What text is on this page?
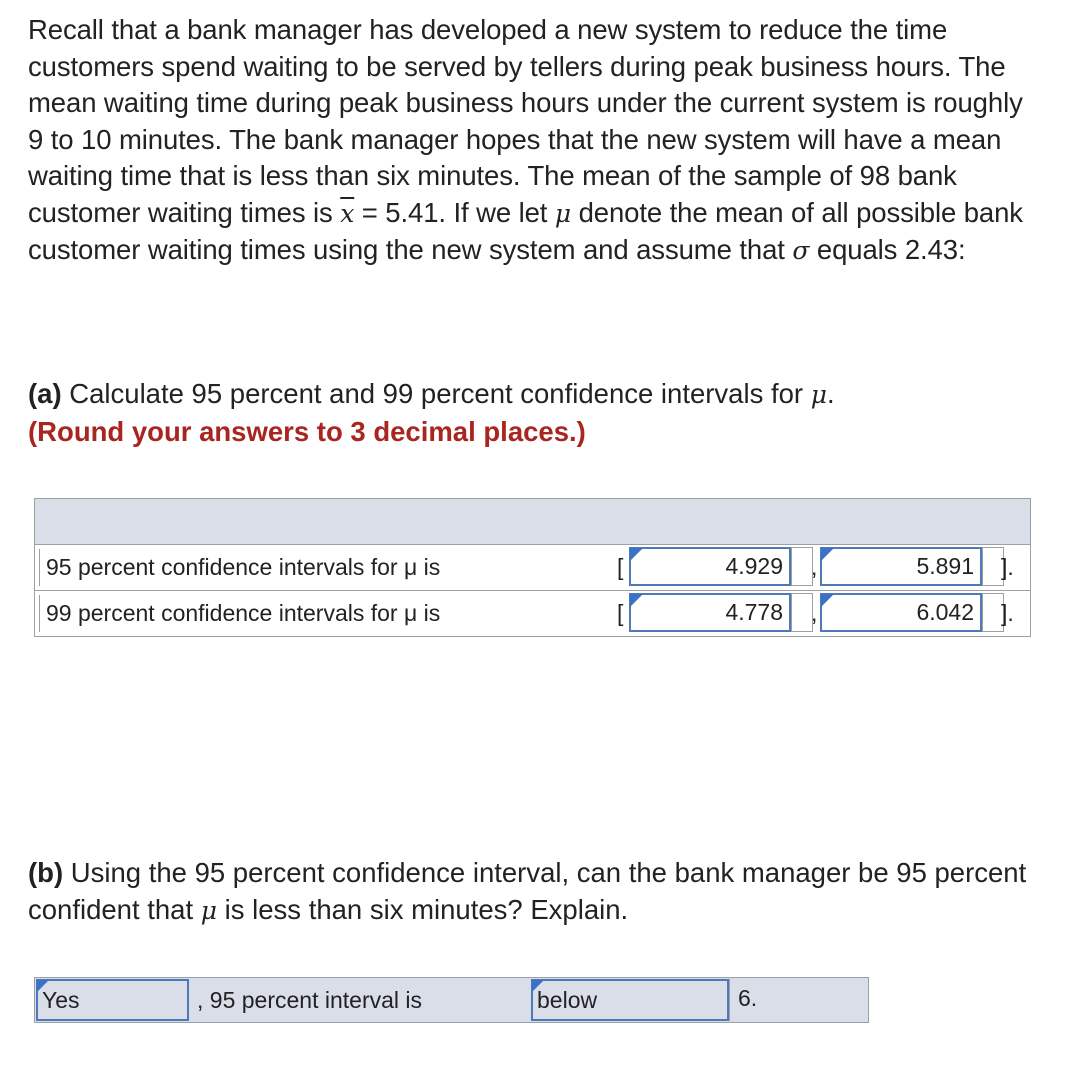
Recall that a bank manager has developed a new system to reduce the time customers spend waiting to be served by tellers during peak business hours. The mean waiting time during peak business hours under the current system is roughly 9 to 10 minutes. The bank manager hopes that the new system will have a mean waiting time that is less than six minutes. The mean of the sample of 98 bank customer waiting times is $\overline{x} = 5.41$. If we let μ denote the mean of all possible bank customer waiting times using the new system and assume that σ equals 2.43:

(a) Calculate 95 percent and 99 percent confidence intervals for μ.

(Round your answers to 3 decimal places.)

95 percent confidence intervals for μ is	[	4.929	,	5.891	].
99 percent confidence intervals for μ is	[	4.778	,	6.042	].

(b) Using the 95 percent confidence interval, can the bank manager be 95 percent confident that μ is less than six minutes? Explain.

Yes	, 95 percent interval is	below	6.
